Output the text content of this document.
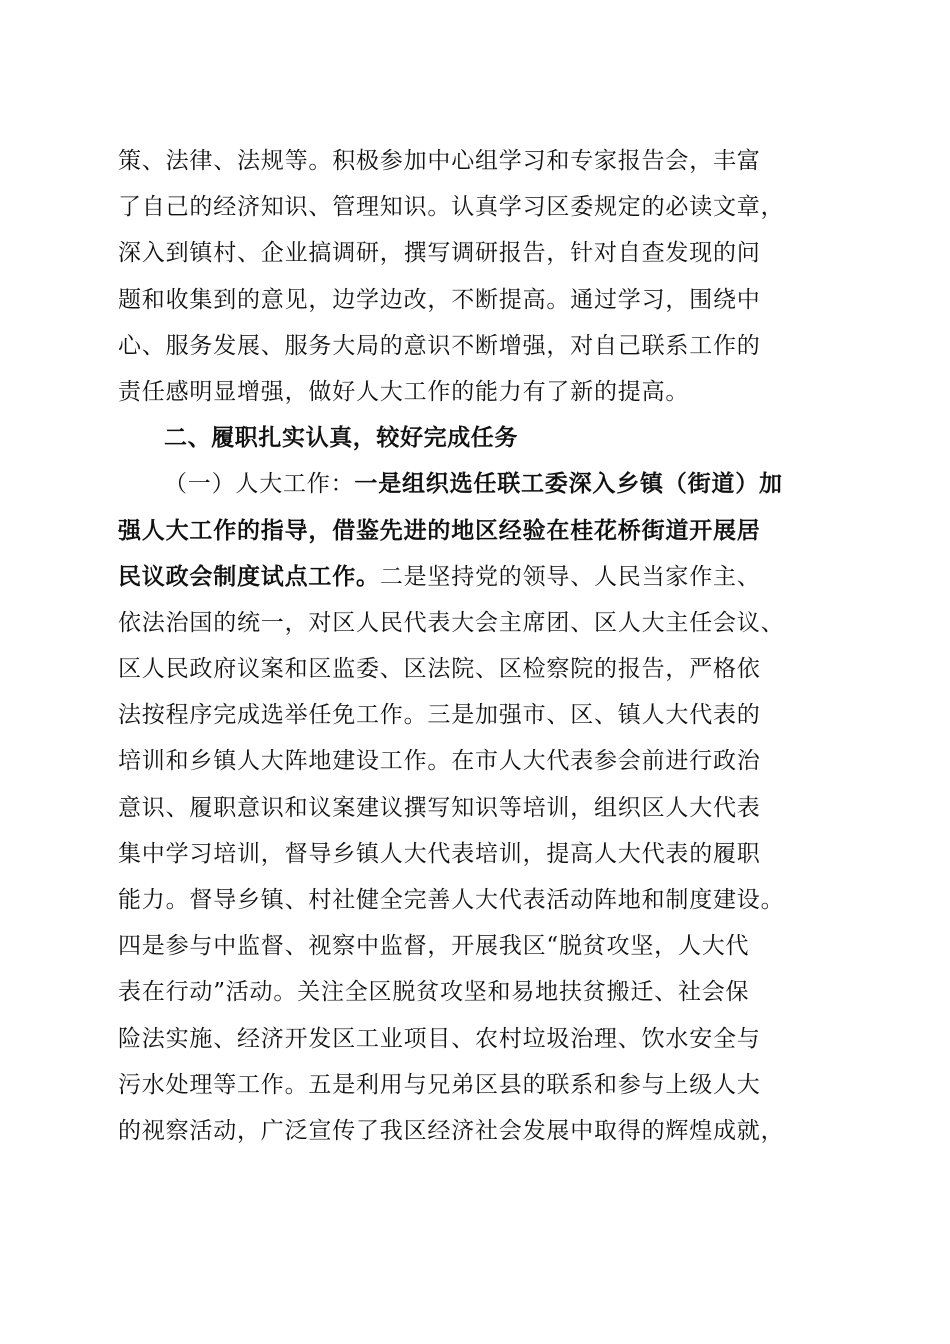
策、法律、法规等。积极参加中心组学习和专家报告会，丰富
了自己的经济知识、管理知识。认真学习区委规定的必读文章，
深入到镇村、企业搞调研，撰写调研报告，针对自查发现的问
题和收集到的意见，边学边改，不断提高。通过学习，围绕中
心、服务发展、服务大局的意识不断增强，对自己联系工作的
责任感明显增强，做好人大工作的能力有了新的提高。
二、履职扎实认真，较好完成任务
（一）人大工作：一是组织选任联工委深入乡镇（街道）加
强人大工作的指导，借鉴先进的地区经验在桂花桥街道开展居
民议政会制度试点工作。二是坚持党的领导、人民当家作主、
依法治国的统一，对区人民代表大会主席团、区人大主任会议、
区人民政府议案和区监委、区法院、区检察院的报告，严格依
法按程序完成选举任免工作。三是加强市、区、镇人大代表的
培训和乡镇人大阵地建设工作。在市人大代表参会前进行政治
意识、履职意识和议案建议撰写知识等培训，组织区人大代表
集中学习培训，督导乡镇人大代表培训，提高人大代表的履职
能力。督导乡镇、村社健全完善人大代表活动阵地和制度建设。
四是参与中监督、视察中监督，开展我区“脱贫攻坚，人大代
表在行动”活动。关注全区脱贫攻坚和易地扶贫搬迁、社会保
险法实施、经济开发区工业项目、农村垃圾治理、饮水安全与
污水处理等工作。五是利用与兄弟区县的联系和参与上级人大
的视察活动，广泛宣传了我区经济社会发展中取得的辉煌成就，
